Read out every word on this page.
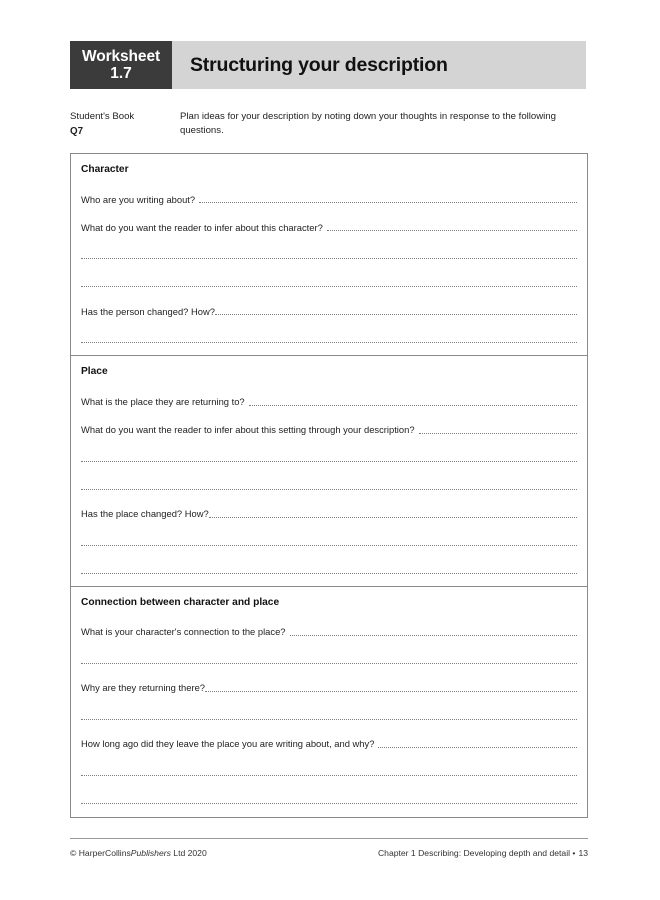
Worksheet
1.7	Structuring your description
Student's Book
Q7
Plan ideas for your description by noting down your thoughts in response to the following questions.
Character
Who are you writing about?
What do you want the reader to infer about this character?
Has the person changed? How?
Place
What is the place they are returning to?
What do you want the reader to infer about this setting through your description?
Has the place changed? How?
Connection between character and place
What is your character's connection to the place?
Why are they returning there?
How long ago did they leave the place you are writing about, and why?
© HarperCollinsPublishers Ltd 2020	Chapter 1 Describing: Developing depth and detail • 13
